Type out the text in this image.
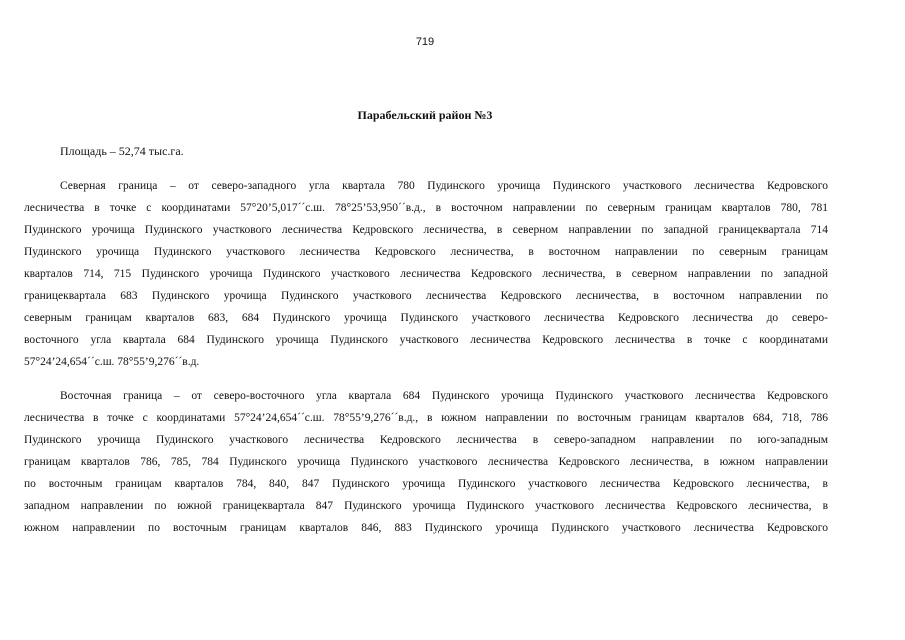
719
Парабельский район №3
Площадь – 52,74 тыс.га.
Северная граница – от северо-западного угла квартала 780 Пудинского урочища Пудинского участкового лесничества Кедровского
лесничества в точке с координатами 57°20’5,017´´с.ш. 78°25’53,950´´в.д., в восточном направлении по северным границам кварталов 780, 781
Пудинского урочища Пудинского участкового лесничества Кедровского лесничества, в северном направлении по западной границеквартала 714
Пудинского урочища Пудинского участкового лесничества Кедровского лесничества, в восточном направлении по северным границам
кварталов 714, 715 Пудинского урочища Пудинского участкового лесничества Кедровского лесничества, в северном направлении по западной
границеквартала 683 Пудинского урочища Пудинского участкового лесничества Кедровского лесничества, в восточном направлении по
северным границам кварталов 683, 684 Пудинского урочища Пудинского участкового лесничества Кедровского лесничества до северо-
восточного угла квартала 684 Пудинского урочища Пудинского участкового лесничества Кедровского лесничества в точке с координатами
57°24’24,654´´с.ш. 78°55’9,276´´в.д.
Восточная граница – от северо-восточного угла квартала 684 Пудинского урочища Пудинского участкового лесничества Кедровского
лесничества в точке с координатами 57°24’24,654´´с.ш. 78°55’9,276´´в.д., в южном направлении по восточным границам кварталов 684, 718, 786
Пудинского урочища Пудинского участкового лесничества Кедровского лесничества в северо-западном направлении по юго-западным
границам кварталов 786, 785, 784 Пудинского урочища Пудинского участкового лесничества Кедровского лесничества, в южном направлении
по восточным границам кварталов 784, 840, 847 Пудинского урочища Пудинского участкового лесничества Кедровского лесничества, в
западном направлении по южной границеквартала 847 Пудинского урочища Пудинского участкового лесничества Кедровского лесничества, в
южном направлении по восточным границам кварталов 846, 883 Пудинского урочища Пудинского участкового лесничества Кедровского
